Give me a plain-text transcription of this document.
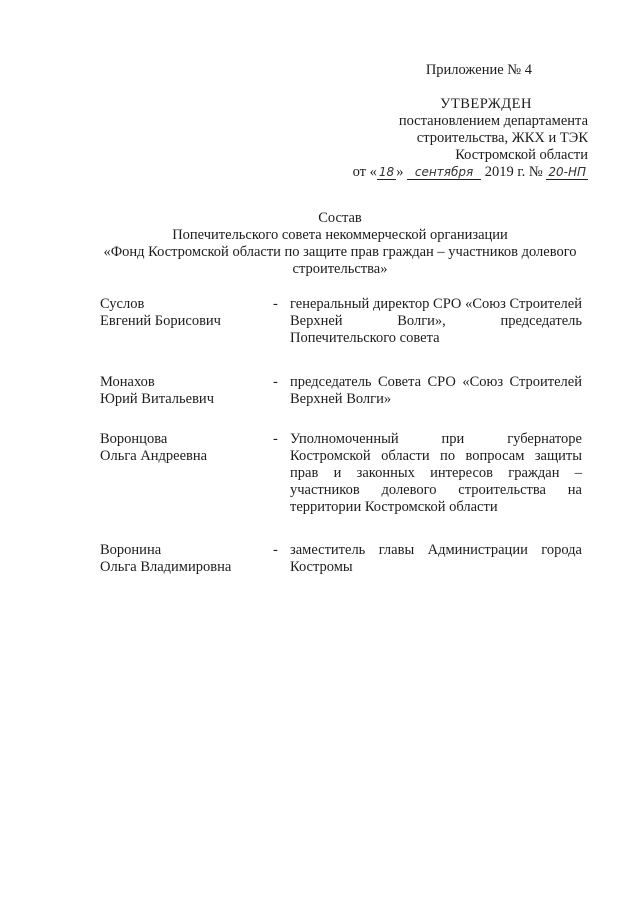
Приложение № 4
УТВЕРЖДЕН
постановлением департамента
строительства, ЖКХ и ТЭК
Костромской области
от « 18 » сентября 2019 г. № 20-НП
Состав
Попечительского совета некоммерческой организации
«Фонд Костромской области по защите прав граждан – участников долевого строительства»
Суслов
Евгений Борисович
- генеральный директор СРО «Союз Строителей Верхней Волги», председатель Попечительского совета
Монахов
Юрий Витальевич
- председатель Совета СРО «Союз Строителей Верхней Волги»
Воронцова
Ольга Андреевна
- Уполномоченный при губернаторе Костромской области по вопросам защиты прав и законных интересов граждан – участников долевого строительства на территории Костромской области
Воронина
Ольга Владимировна
- заместитель главы Администрации города Костромы
